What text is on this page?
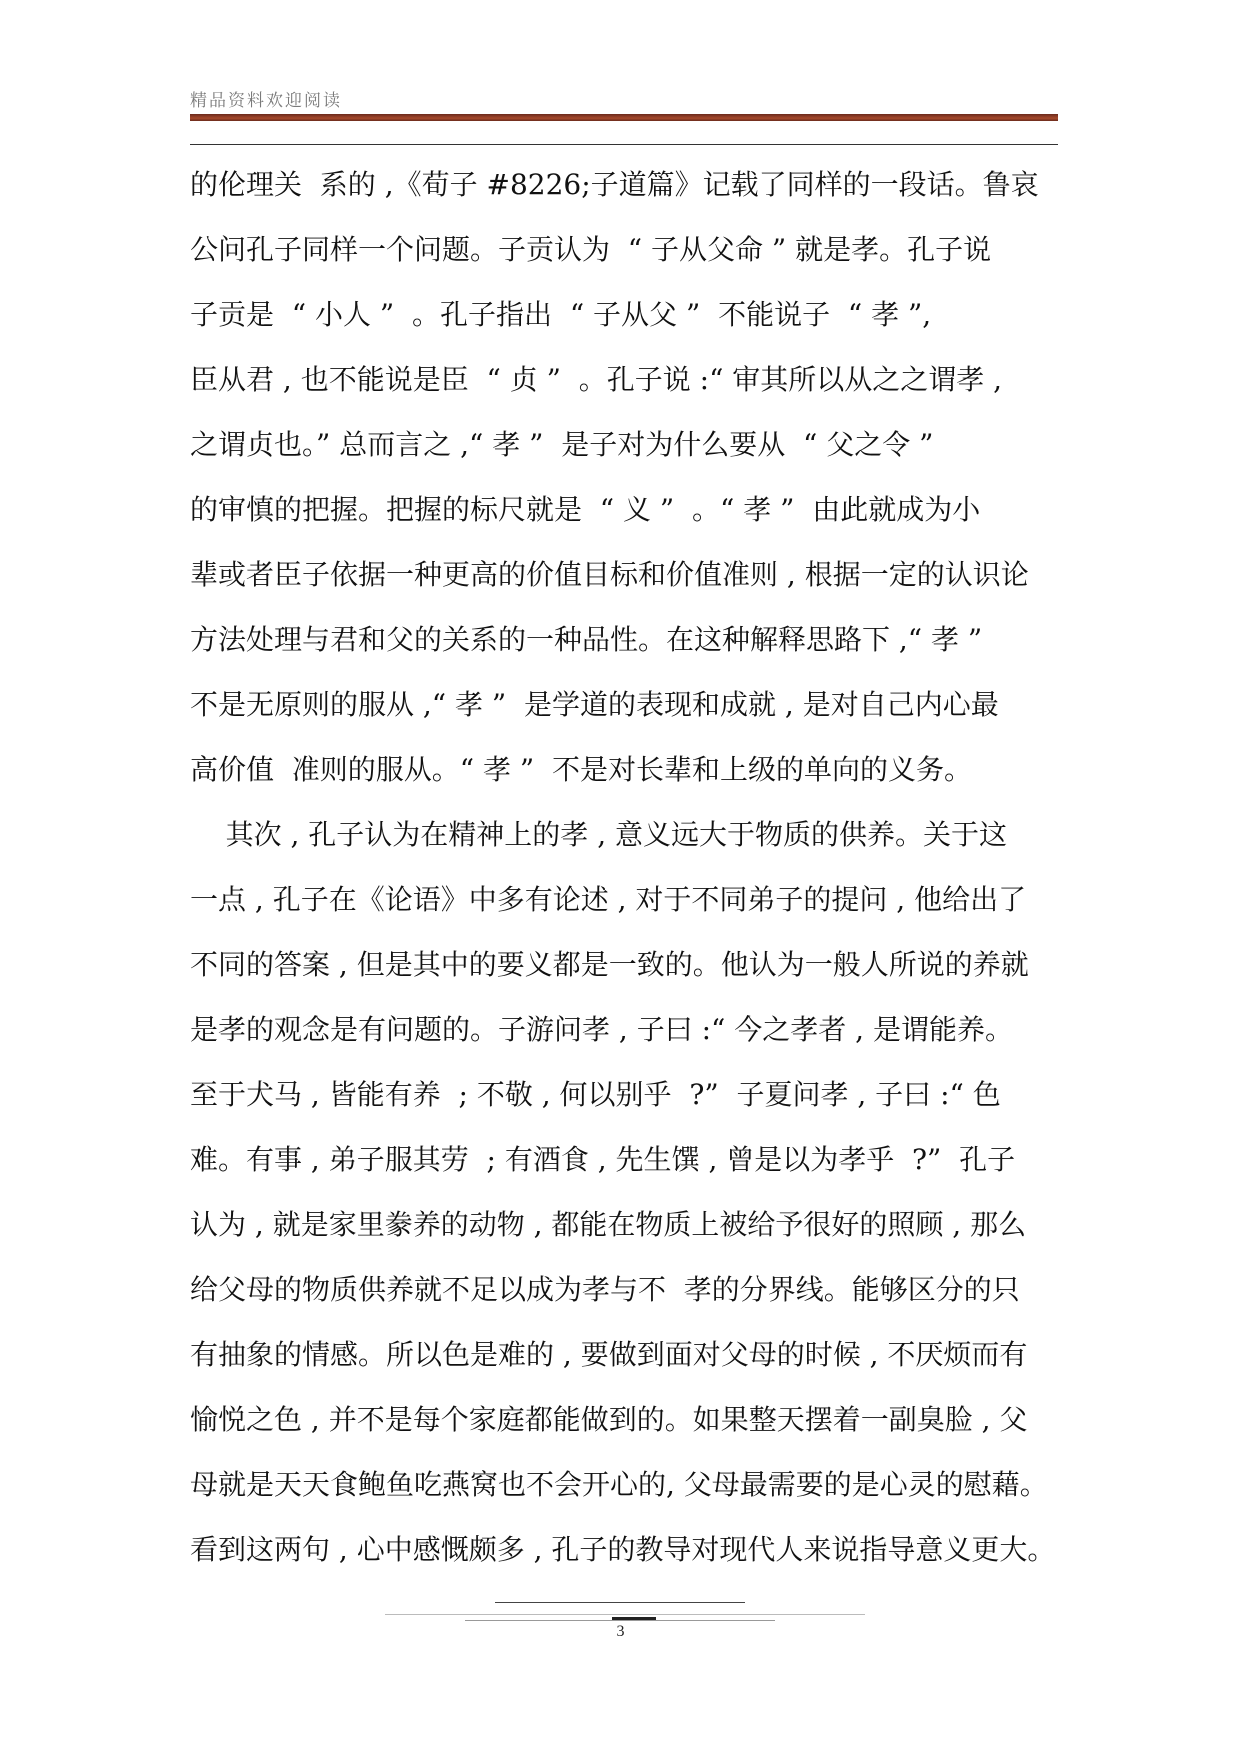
精品资料欢迎阅读
的伦理关  系的 ,《荀子 #8226;子道篇》记载了同样的一段话。鲁哀
公问孔子同样一个问题。子贡认为  “ 子从父命 ” 就是孝。孔子说
子贡是  “ 小人 ”  。孔子指出  “ 子从父 ”  不能说子  “ 孝 ”,
臣从君 , 也不能说是臣  “ 贞 ”  。孔子说 :“ 审其所以从之之谓孝 ,
之谓贞也。” 总而言之 ,“ 孝 ”  是子对为什么要从  “ 父之令 ”
的审慎的把握。把握的标尺就是  “ 义 ”  。“ 孝 ”  由此就成为小
辈或者臣子依据一种更高的价值目标和价值准则 , 根据一定的认识论
方法处理与君和父的关系的一种品性。在这种解释思路下 ,“ 孝 ”
不是无原则的服从 ,“ 孝 ”  是学道的表现和成就 , 是对自己内心最
高价值  准则的服从。“ 孝 ”  不是对长辈和上级的单向的义务。
其次 , 孔子认为在精神上的孝 , 意义远大于物质的供养。关于这
一点 , 孔子在《论语》中多有论述 , 对于不同弟子的提问 , 他给出了
不同的答案 , 但是其中的要义都是一致的。他认为一般人所说的养就
是孝的观念是有问题的。子游问孝 , 子曰 :“ 今之孝者 , 是谓能养。
至于犬马 , 皆能有养  ; 不敬 , 何以别乎  ?”  子夏问孝 , 子曰 :“ 色
难。有事 , 弟子服其劳  ; 有酒食 , 先生馔 , 曾是以为孝乎  ?”  孔子
认为 , 就是家里豢养的动物 , 都能在物质上被给予很好的照顾 , 那么
给父母的物质供养就不足以成为孝与不  孝的分界线。能够区分的只
有抽象的情感。所以色是难的 , 要做到面对父母的时候 , 不厌烦而有
愉悦之色 , 并不是每个家庭都能做到的。如果整天摆着一副臭脸 , 父
母就是天天食鲍鱼吃燕窝也不会开心的, 父母最需要的是心灵的慰藉。
看到这两句 , 心中感慨颇多 , 孔子的教导对现代人来说指导意义更大。
3
